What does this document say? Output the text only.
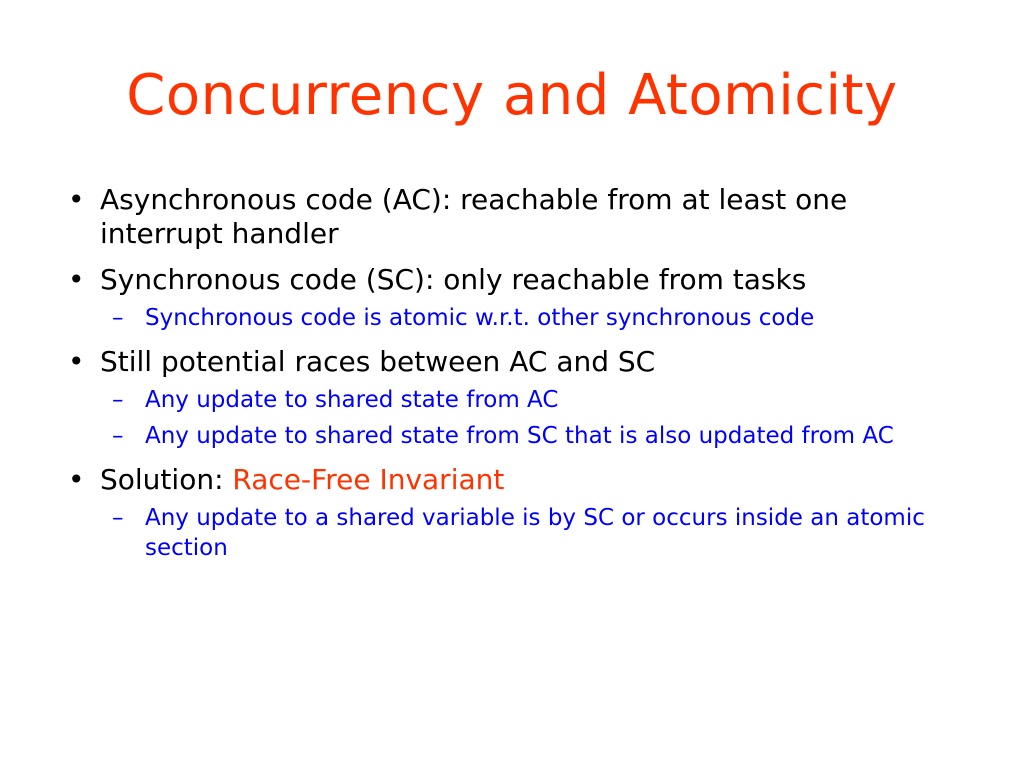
Concurrency and Atomicity
• Asynchronous code (AC): reachable from at least one interrupt handler
• Synchronous code (SC): only reachable from tasks
– Synchronous code is atomic w.r.t. other synchronous code
• Still potential races between AC and SC
– Any update to shared state from AC
– Any update to shared state from SC that is also updated from AC
• Solution: Race-Free Invariant
– Any update to a shared variable is by SC or occurs inside an atomic section
